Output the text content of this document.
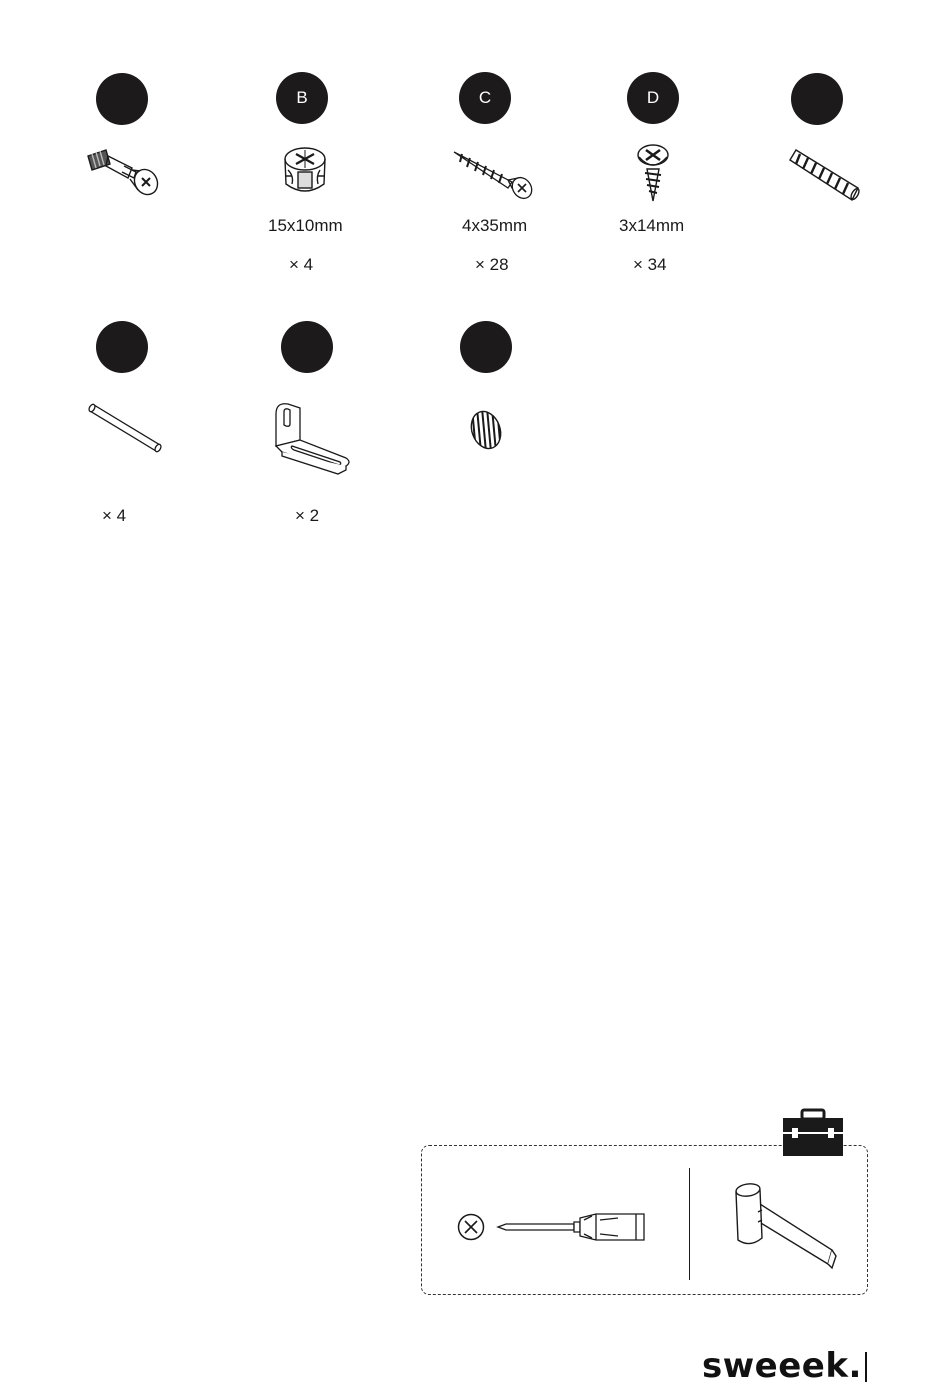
B	C	D
15x10mm	4x35mm	3x14mm
× 4	× 28	× 34
× 4	× 2
sweeek.
